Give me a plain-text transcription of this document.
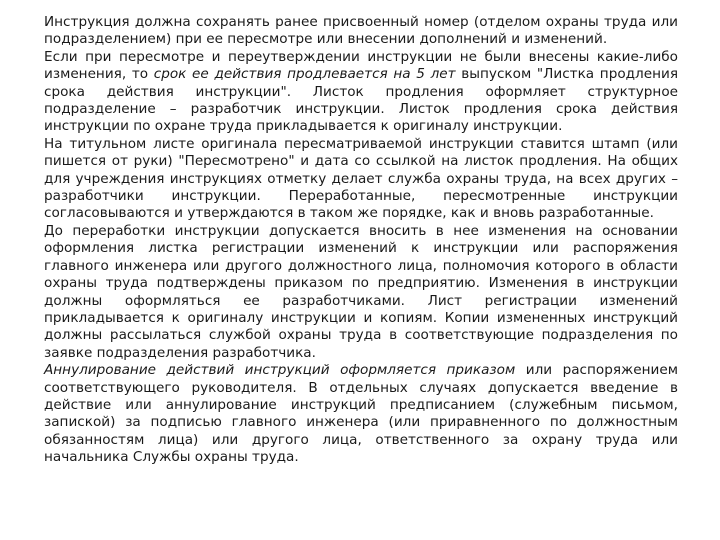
Инструкция должна сохранять ранее присвоенный номер (отделом охраны труда или подразделением) при ее пересмотре или внесении дополнений и изменений.

Если при пересмотре и переутверждении инструкции не были внесены какие-либо изменения, то срок ее действия продлевается на 5 лет выпуском "Листка продления срока действия инструкции". Листок продления оформляет структурное подразделение – разработчик инструкции. Листок продления срока действия инструкции по охране труда прикладывается к оригиналу инструкции.

На титульном листе оригинала пересматриваемой инструкции ставится штамп (или пишется от руки) "Пересмотрено" и дата со ссылкой на листок продления. На общих для учреждения инструкциях отметку делает служба охраны труда, на всех других – разработчики инструкции. Переработанные, пересмотренные инструкции согласовываются и утверждаются в таком же порядке, как и вновь разработанные.

До переработки инструкции допускается вносить в нее изменения на основании оформления листка регистрации изменений к инструкции или распоряжения главного инженера или другого должностного лица, полномочия которого в области охраны труда подтверждены приказом по предприятию. Изменения в инструкции должны оформляться ее разработчиками. Лист регистрации изменений прикладывается к оригиналу инструкции и копиям. Копии измененных инструкций должны рассылаться службой охраны труда в соответствующие подразделения по заявке подразделения разработчика.

Аннулирование действий инструкций оформляется приказом или распоряжением соответствующего руководителя. В отдельных случаях допускается введение в действие или аннулирование инструкций предписанием (служебным письмом, запиской) за подписью главного инженера (или приравненного по должностным обязанностям лица) или другого лица, ответственного за охрану труда или начальника Службы охраны труда.
